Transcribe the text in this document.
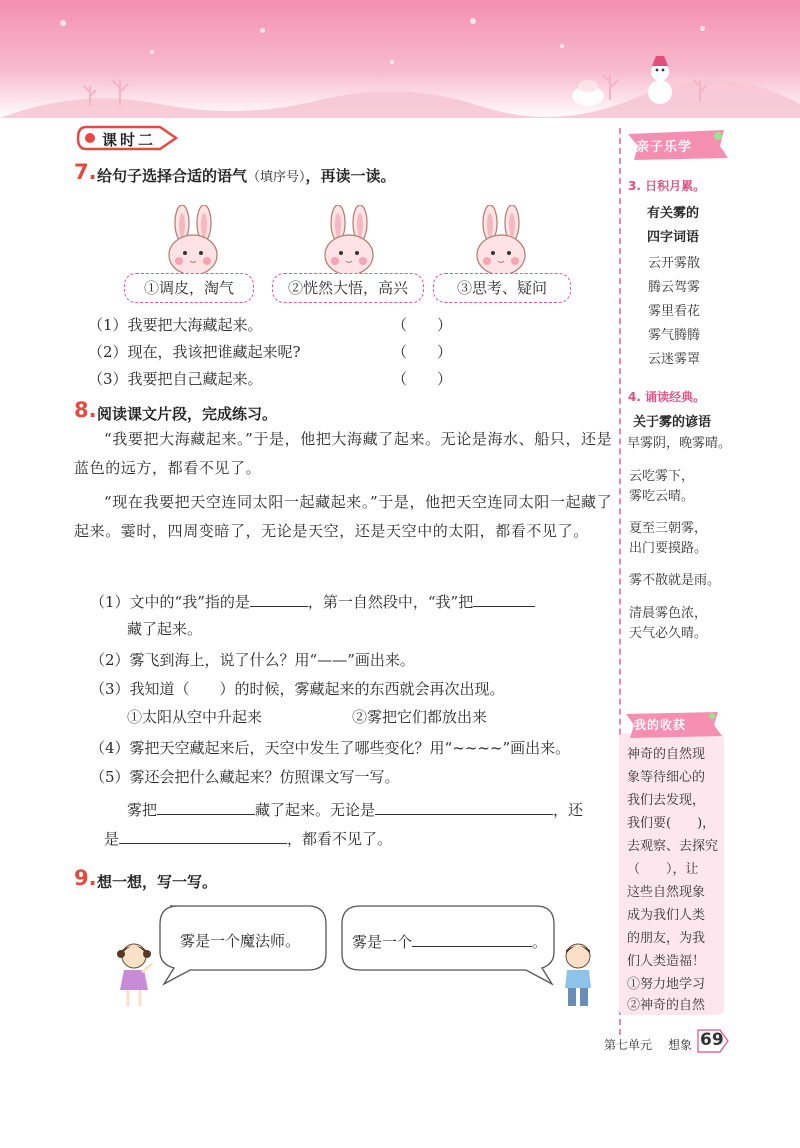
课时二
7. 给句子选择合适的语气（填序号），再读一读。
①调皮，淘气	②恍然大悟，高兴	③思考、疑问
（1）我要把大海藏起来。	（　　）
（2）现在，我该把谁藏起来呢?	（　　）
（3）我要把自己藏起来。	（　　）
8. 阅读课文片段，完成练习。
“我要把大海藏起来。”于是，他把大海藏了起来。无论是海水、船只，还是蓝色的远方，都看不见了。
“现在我要把天空连同太阳一起藏起来。”于是，他把天空连同太阳一起藏了起来。霎时，四周变暗了，无论是天空，还是天空中的太阳，都看不见了。
（1）文中的“我”指的是	，第一自然段中，“我”把
藏了起来。
（2）雾飞到海上，说了什么？用“——”画出来。
（3）我知道（　　）的时候，雾藏起来的东西就会再次出现。
①太阳从空中升起来	②雾把它们都放出来
（4）雾把天空藏起来后，天空中发生了哪些变化？用“~~~~”画出来。
（5）雾还会把什么藏起来？仿照课文写一写。
雾把	藏了起来。无论是	，还
是	，都看不见了。
9. 想一想，写一写。
雾是一个魔法师。	雾是一个	。
亲子乐学
3. 日积月累。
有关雾的
四字词语
云开雾散
腾云驾雾
雾里看花
雾气腾腾
云迷雾罩
4. 诵读经典。
关于雾的谚语
早雾阴，晚雾晴。
云吃雾下，
雾吃云晴。
夏至三朝雾，
出门要摸路。
雾不散就是雨。
清晨雾色浓，
天气必久晴。
我的收获
神奇的自然现
象等待细心的
我们去发现，
我们要(　　)，
去观察、去探究
（　　），让
这些自然现象
成为我们人类
的朋友，为我
们人类造福！
①努力地学习
②神奇的自然
第七单元 想象 69
